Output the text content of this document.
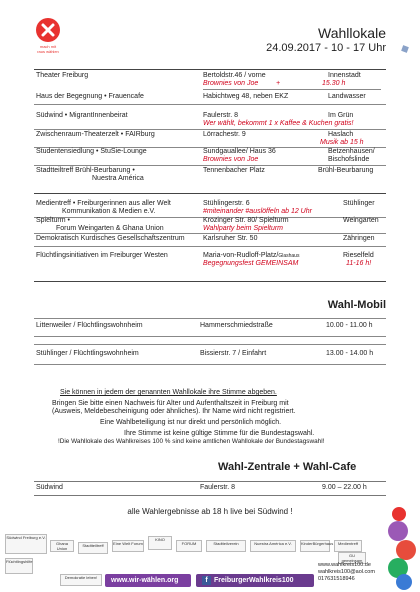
mach mit
raus wählen
Wahllokale
24.09.2017 - 10 - 17 Uhr
Theater Freiburg	Bertoldstr.46 / vorne	Innenstadt
Brownies von Joe	+	15.30 h
Haus der Begegnung • Frauencafe	Habichtweg 48, neben EKZ	Landwasser
Südwind • MigrantInnenbeirat	Faulerstr. 8	Im Grün
Wer wählt, bekommt 1 x Kaffee & Kuchen gratis!
Zwischenraum-Theaterzelt • FAIRburg	Lörrachestr. 9	Haslach
Musik ab 15 h
Studentensiedlung • StuSie-Lounge	Sundgauallee/ Haus 36	Betzenhausen/
Bischofslinde
Brownies von Joe
Stadtteiltreff Brühl-Beurbarung •
Nuestra América
Tennenbacher Platz	Brühl-Beurbarung
Medientreff • Freiburgerinnen aus aller Welt
Kommunikation & Medien e.V.
Stühlingerstr. 6	Stühlinger
#miteinander #auslöffeln ab 12 Uhr
Spielturm •
Forum Weingarten & Ghana Union
Krozinger Str. 80/ Spielturm	Weingarten
Wahlparty beim Spielturm
Demokratisch Kurdisches Gesellschaftszentrum	Karlsruher Str. 50	Zähringen
Flüchtlingsinitiativen im Freiburger Westen	Maria-von-Rudloff-Platz/Glashaus	Rieselfeld
Begegnungsfest GEMEINSAM	11-16 h!
Wahl-Mobil
Littenweiler / Flüchtlingswohnheim	Hammerschmiedstraße	10.00 - 11.00 h
Stühlinger / Flüchtlingswohnheim	Bissierstr. 7 / Einfahrt	13.00 - 14.00 h
Sie können in jedem der genannten Wahllokale ihre Stimme abgeben.
Bringen Sie bitte einen Nachweis für Alter und Aufenthaltszeit in Freiburg mit
(Ausweis, Meldebescheinigung oder ähnliches). Ihr Name wird nicht registriert.
Eine Wahlbeteiligung ist nur direkt und persönlich möglich.
Ihre Stimme ist keine gültige Stimme für die Bundestagswahl.
!Die Wahllokale des Wahlkreises 100 % sind keine amtlichen Wahllokale der Bundestagswahl!
Wahl-Zentrale + Wahl-Cafe
Südwind	Faulerstr. 8	9.00 – 22.00 h
alle Wahlergebnisse ab 18 h live bei Südwind !
Südwind Freiburg e.V.
Ghana Union
Stadtteiltreff	Eine Welt Forum
KINO
FORUM	Stadtteilverein	Nuestra América e.V.	KinderBürgerhaus	Medientreff
GU gemeinsam
Flüchtlingshilfe
Demokratie leben!	www.wir-wählen.org	f FreiburgerWahlkreis100
www.wahlkreis100.de
wahlkreis100@aol.com
017631518946
